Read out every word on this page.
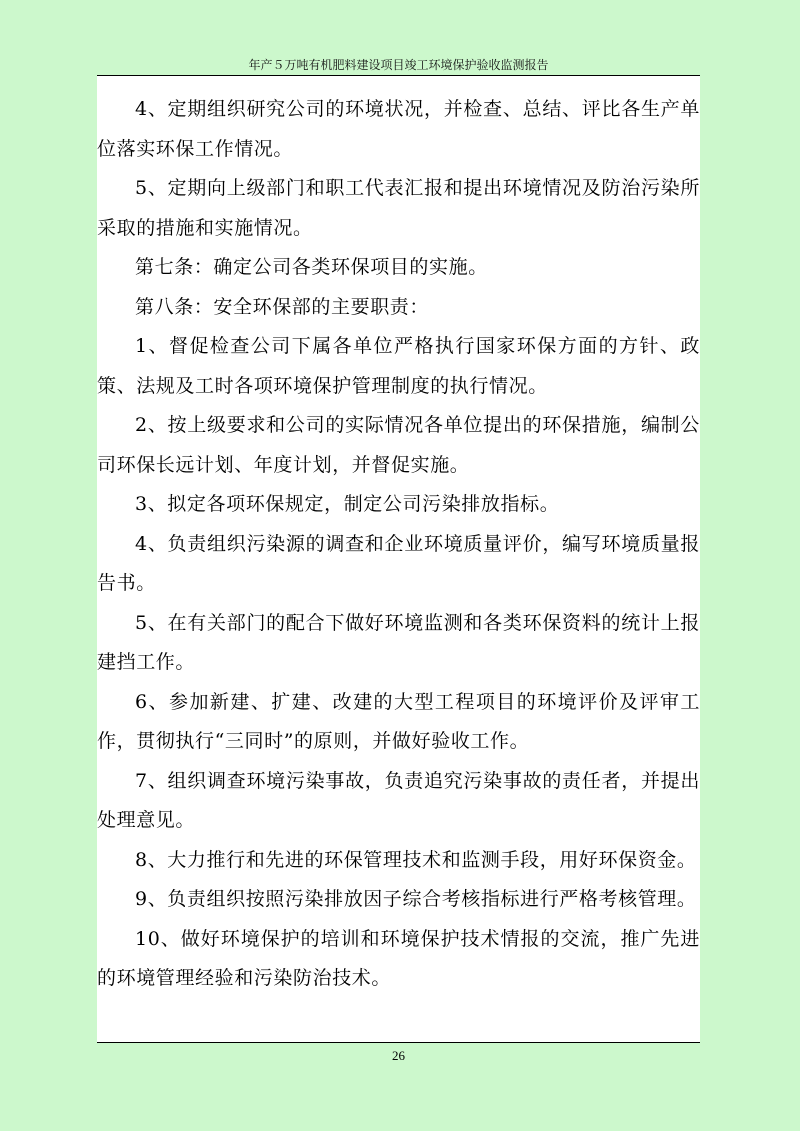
年产５万吨有机肥料建设项目竣工环境保护验收监测报告

4、定期组织研究公司的环境状况，并检查、总结、评比各生产单位落实环保工作情况。

5、定期向上级部门和职工代表汇报和提出环境情况及防治污染所采取的措施和实施情况。

第七条：确定公司各类环保项目的实施。

第八条：安全环保部的主要职责：

1、督促检查公司下属各单位严格执行国家环保方面的方针、政策、法规及工时各项环境保护管理制度的执行情况。

2、按上级要求和公司的实际情况各单位提出的环保措施，编制公司环保长远计划、年度计划，并督促实施。

3、拟定各项环保规定，制定公司污染排放指标。

4、负责组织污染源的调查和企业环境质量评价，编写环境质量报告书。

5、在有关部门的配合下做好环境监测和各类环保资料的统计上报建挡工作。

6、参加新建、扩建、改建的大型工程项目的环境评价及评审工作，贯彻执行“三同时”的原则，并做好验收工作。

7、组织调查环境污染事故，负责追究污染事故的责任者，并提出处理意见。

8、大力推行和先进的环保管理技术和监测手段，用好环保资金。

9、负责组织按照污染排放因子综合考核指标进行严格考核管理。

10、做好环境保护的培训和环境保护技术情报的交流，推广先进的环境管理经验和污染防治技术。

26
